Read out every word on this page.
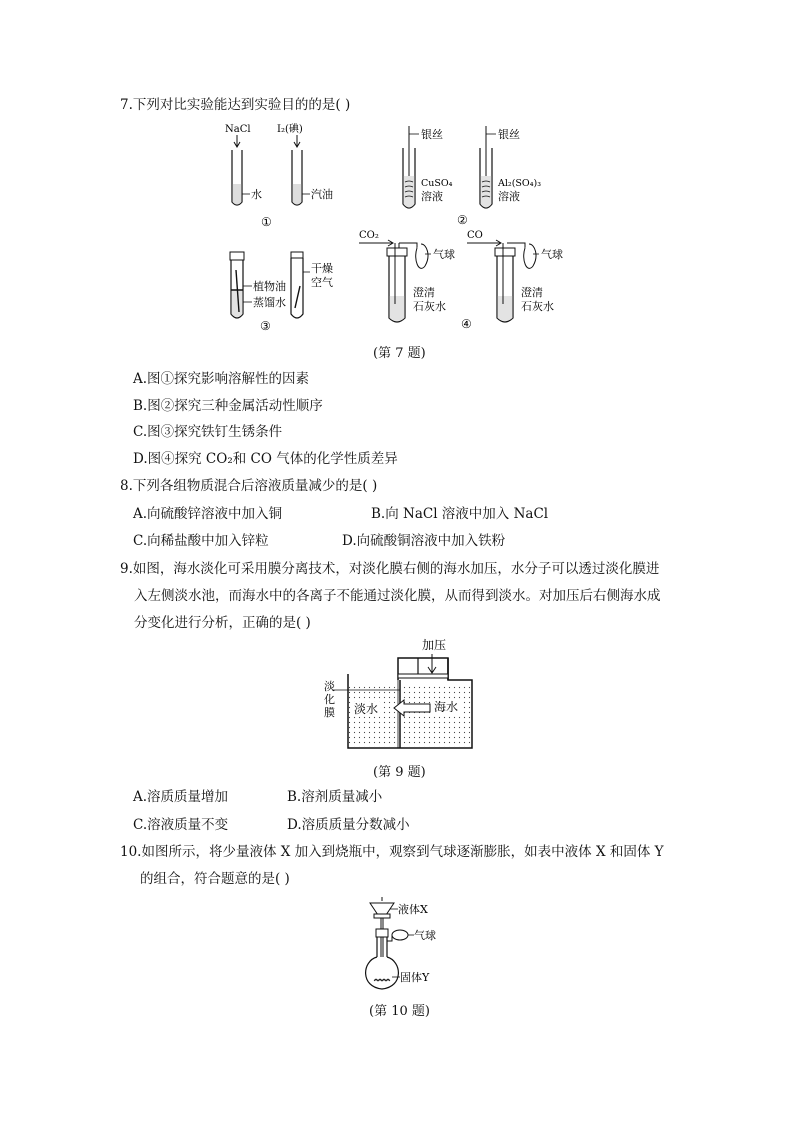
7.下列对比实验能达到实验目的的是( )
NaCl	I₂(碘)
水	汽油
①
银丝
CuSO₄
溶液
银丝
Al₂(SO₄)₃
溶液
②
植物油
蒸馏水
干燥
空气
③
CO₂
气球
澄清
石灰水
CO
气球
澄清
石灰水
④
(第 7 题)
A.图①探究影响溶解性的因素
B.图②探究三种金属活动性顺序
C.图③探究铁钉生锈条件
D.图④探究 CO₂和 CO 气体的化学性质差异
8.下列各组物质混合后溶液质量减少的是( )
A.向硫酸锌溶液中加入铜	B.向 NaCl 溶液中加入 NaCl
C.向稀盐酸中加入锌粒	D.向硫酸铜溶液中加入铁粉
9.如图，海水淡化可采用膜分离技术，对淡化膜右侧的海水加压，水分子可以透过淡化膜进
入左侧淡水池，而海水中的各离子不能通过淡化膜，从而得到淡水。对加压后右侧海水成
分变化进行分析，正确的是( )
加压
淡
化
膜 淡水	海水
(第 9 题)
A.溶质质量增加	B.溶剂质量减小
C.溶液质量不变	D.溶质质量分数减小
10.如图所示，将少量液体 X 加入到烧瓶中，观察到气球逐渐膨胀，如表中液体 X 和固体 Y
的组合，符合题意的是( )
液体X
气球
固体Y
(第 10 题)
